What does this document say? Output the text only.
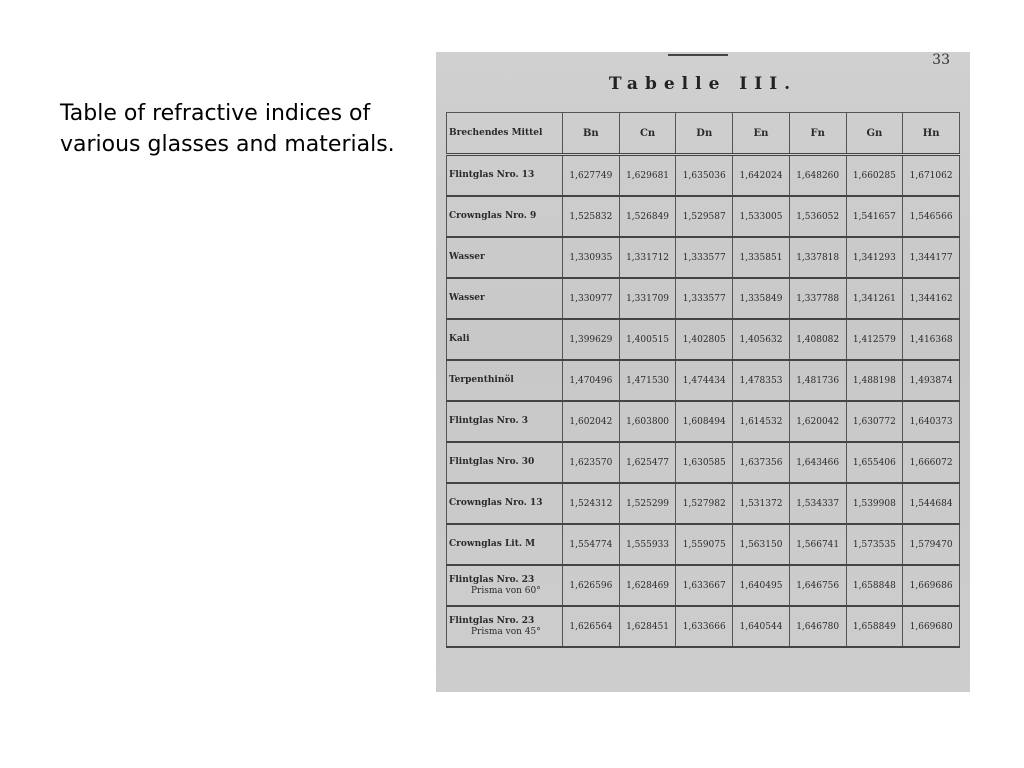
Table of refractive indices of various glasses and materials.
33
Tabelle III.
Brechendes Mittel	Bn	Cn	Dn	En	Fn	Gn	Hn
Flintglas Nro. 13	1,627749	1,629681	1,635036	1,642024	1,648260	1,660285	1,671062
Crownglas Nro. 9	1,525832	1,526849	1,529587	1,533005	1,536052	1,541657	1,546566
Wasser	1,330935	1,331712	1,333577	1,335851	1,337818	1,341293	1,344177
Wasser	1,330977	1,331709	1,333577	1,335849	1,337788	1,341261	1,344162
Kali	1,399629	1,400515	1,402805	1,405632	1,408082	1,412579	1,416368
Terpenthinöl	1,470496	1,471530	1,474434	1,478353	1,481736	1,488198	1,493874
Flintglas Nro. 3	1,602042	1,603800	1,608494	1,614532	1,620042	1,630772	1,640373
Flintglas Nro. 30	1,623570	1,625477	1,630585	1,637356	1,643466	1,655406	1,666072
Crownglas Nro. 13	1,524312	1,525299	1,527982	1,531372	1,534337	1,539908	1,544684
Crownglas Lit. M	1,554774	1,555933	1,559075	1,563150	1,566741	1,573535	1,579470
Flintglas Nro. 23
Prisma von 60°	1,626596	1,628469	1,633667	1,640495	1,646756	1,658848	1,669686
Flintglas Nro. 23
Prisma von 45°	1,626564	1,628451	1,633666	1,640544	1,646780	1,658849	1,669680
